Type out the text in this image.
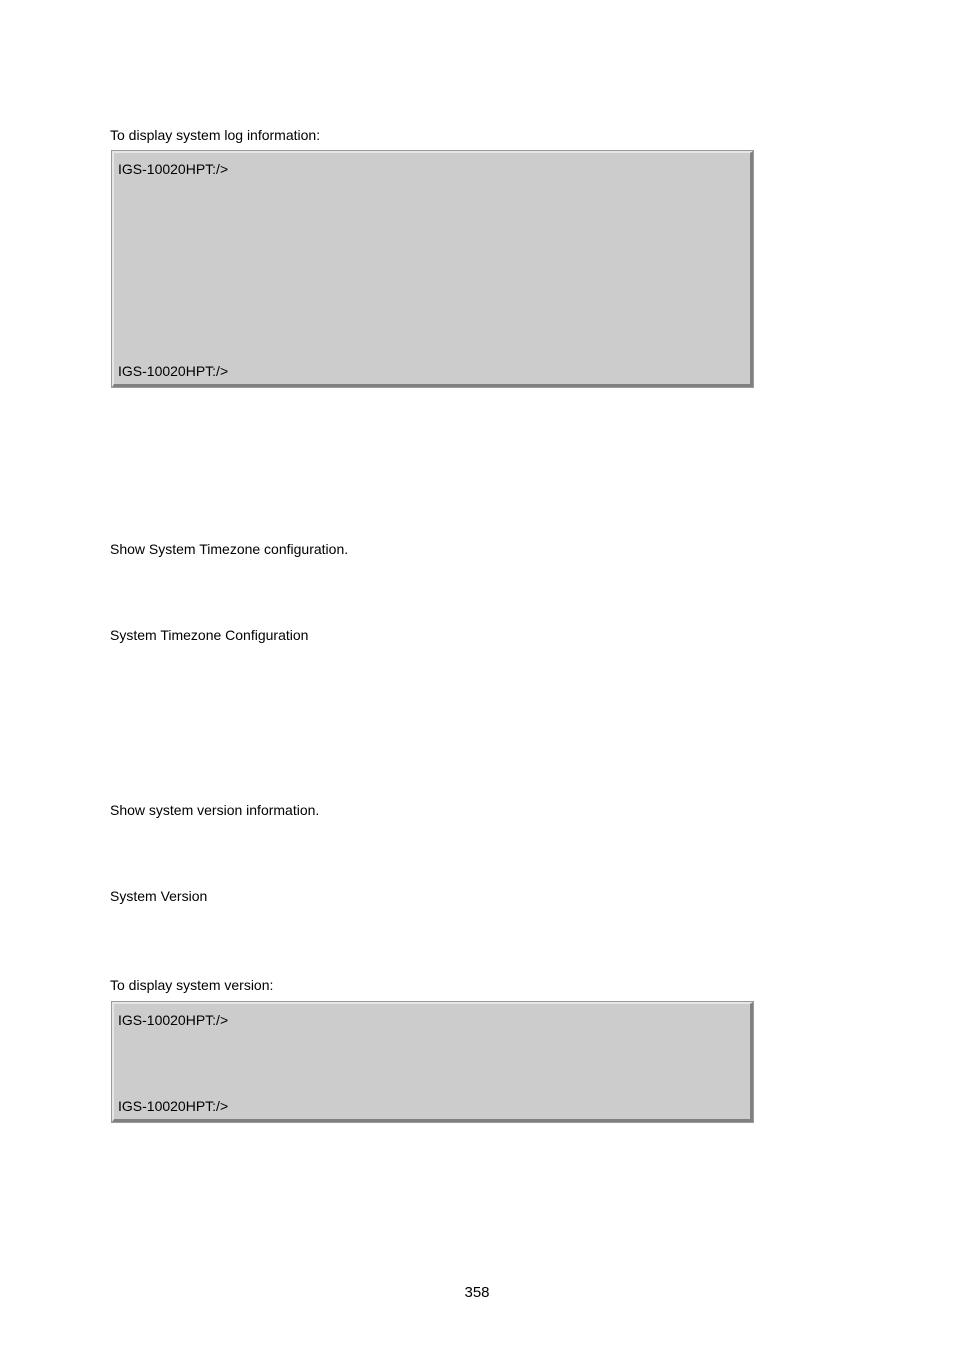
To display system log information:
IGS-10020HPT:/>
IGS-10020HPT:/>
Show System Timezone configuration.
System Timezone Configuration
Show system version information.
System Version
To display system version:
IGS-10020HPT:/>
IGS-10020HPT:/>
358
